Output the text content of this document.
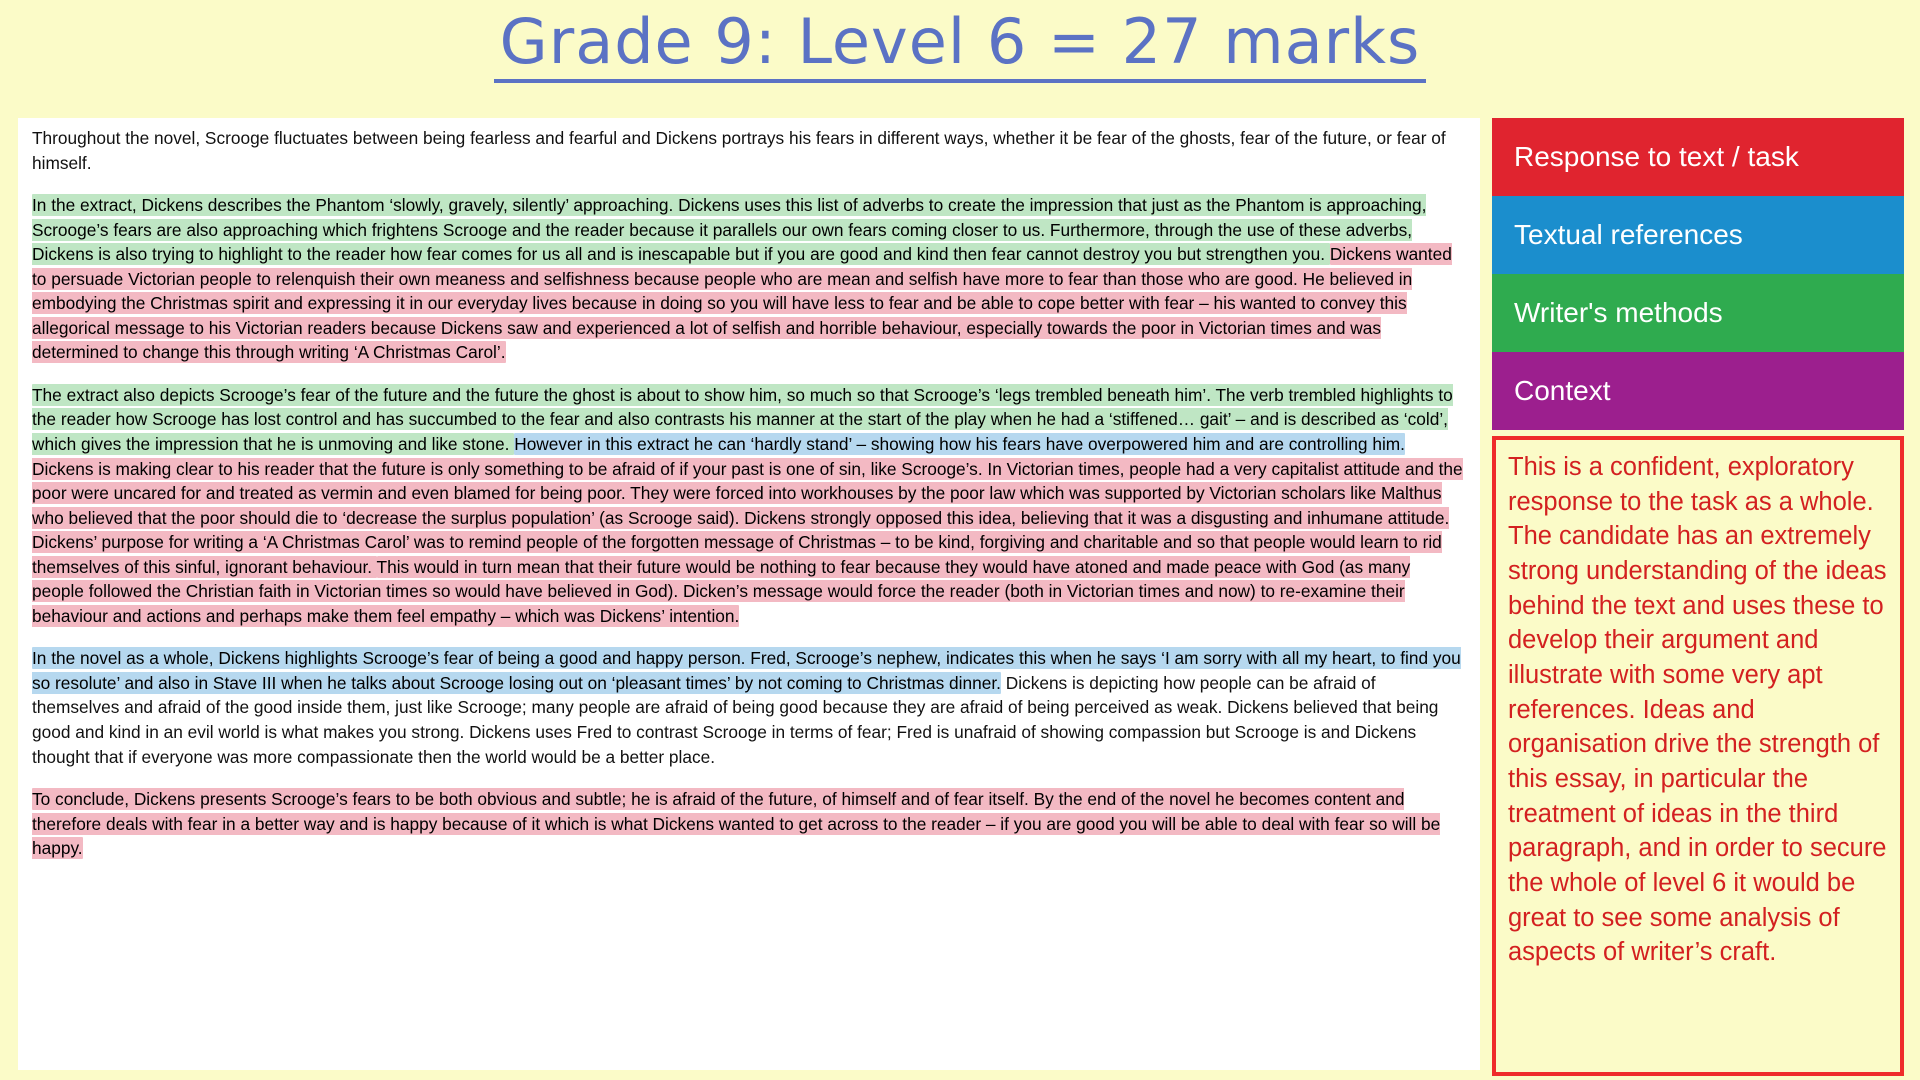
Grade 9: Level 6 = 27 marks

Throughout the novel, Scrooge fluctuates between being fearless and fearful and Dickens portrays his fears in different ways, whether it be fear of the ghosts, fear of the future, or fear of himself.

In the extract, Dickens describes the Phantom ‘slowly, gravely, silently’ approaching. Dickens uses this list of adverbs to create the impression that just as the Phantom is approaching, Scrooge’s fears are also approaching which frightens Scrooge and the reader because it parallels our own fears coming closer to us. Furthermore, through the use of these adverbs, Dickens is also trying to highlight to the reader how fear comes for us all and is inescapable but if you are good and kind then fear cannot destroy you but strengthen you. Dickens wanted to persuade Victorian people to relenquish their own meaness and selfishness because people who are mean and selfish have more to fear than those who are good. He believed in embodying the Christmas spirit and expressing it in our everyday lives because in doing so you will have less to fear and be able to cope better with fear – his wanted to convey this allegorical message to his Victorian readers because Dickens saw and experienced a lot of selfish and horrible behaviour, especially towards the poor in Victorian times and was determined to change this through writing ‘A Christmas Carol’.

The extract also depicts Scrooge’s fear of the future and the future the ghost is about to show him, so much so that Scrooge’s ‘legs trembled beneath him’. The verb trembled highlights to the reader how Scrooge has lost control and has succumbed to the fear and also contrasts his manner at the start of the play when he had a ‘stiffened… gait’ – and is described as ‘cold’, which gives the impression that he is unmoving and like stone. However in this extract he can ‘hardly stand’ – showing how his fears have overpowered him and are controlling him. Dickens is making clear to his reader that the future is only something to be afraid of if your past is one of sin, like Scrooge’s. In Victorian times, people had a very capitalist attitude and the poor were uncared for and treated as vermin and even blamed for being poor. They were forced into workhouses by the poor law which was supported by Victorian scholars like Malthus who believed that the poor should die to ‘decrease the surplus population’ (as Scrooge said). Dickens strongly opposed this idea, believing that it was a disgusting and inhumane attitude. Dickens’ purpose for writing a ‘A Christmas Carol’ was to remind people of the forgotten message of Christmas – to be kind, forgiving and charitable and so that people would learn to rid themselves of this sinful, ignorant behaviour. This would in turn mean that their future would be nothing to fear because they would have atoned and made peace with God (as many people followed the Christian faith in Victorian times so would have believed in God). Dicken’s message would force the reader (both in Victorian times and now) to re-examine their behaviour and actions and perhaps make them feel empathy – which was Dickens’ intention.

In the novel as a whole, Dickens highlights Scrooge’s fear of being a good and happy person. Fred, Scrooge’s nephew, indicates this when he says ‘I am sorry with all my heart, to find you so resolute’ and also in Stave III when he talks about Scrooge losing out on ‘pleasant times’ by not coming to Christmas dinner. Dickens is depicting how people can be afraid of themselves and afraid of the good inside them, just like Scrooge; many people are afraid of being good because they are afraid of being perceived as weak. Dickens believed that being good and kind in an evil world is what makes you strong. Dickens uses Fred to contrast Scrooge in terms of fear; Fred is unafraid of showing compassion but Scrooge is and Dickens thought that if everyone was more compassionate then the world would be a better place.

To conclude, Dickens presents Scrooge’s fears to be both obvious and subtle; he is afraid of the future, of himself and of fear itself. By the end of the novel he becomes content and therefore deals with fear in a better way and is happy because of it which is what Dickens wanted to get across to the reader – if you are good you will be able to deal with fear so will be happy.

Response to text / task
Textual references
Writer's methods
Context
This is a confident, exploratory response to the task as a whole. The candidate has an extremely strong understanding of the ideas behind the text and uses these to develop their argument and illustrate with some very apt references. Ideas and organisation drive the strength of this essay, in particular the treatment of ideas in the third paragraph, and in order to secure the whole of level 6 it would be great to see some analysis of aspects of writer’s craft.
